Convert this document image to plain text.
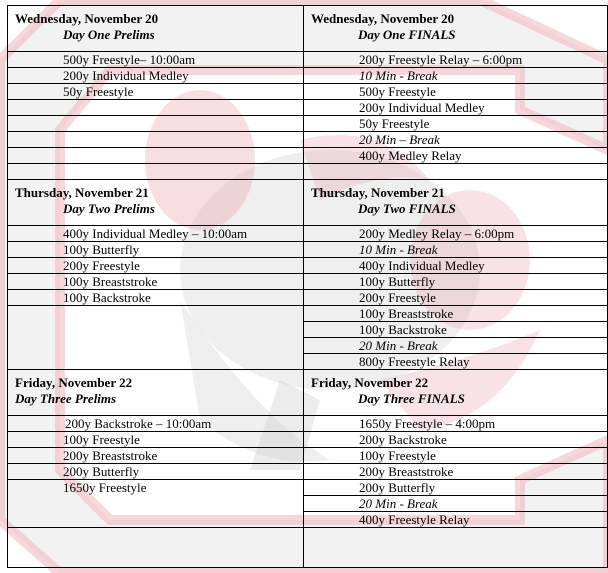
Wednesday, November 20
Day One Prelims
500y Freestyle– 10:00am
200y Individual Medley
50y Freestyle
Thursday, November 21
Day Two Prelims
400y Individual Medley – 10:00am
100y Butterfly
200y Freestyle
100y Breaststroke
100y Backstroke
Friday, November 22
Day Three Prelims
200y Backstroke – 10:00am
100y Freestyle
200y Breaststroke
200y Butterfly
1650y Freestyle
Wednesday, November 20
Day One FINALS
200y Freestyle Relay – 6:00pm
10 Min - Break
500y Freestyle
200y Individual Medley
50y Freestyle
20 Min – Break
400y Medley Relay
Thursday, November 21
Day Two FINALS
200y Medley Relay – 6:00pm
10 Min - Break
400y Individual Medley
100y Butterfly
200y Freestyle
100y Breaststroke
100y Backstroke
20 Min - Break
800y Freestyle Relay
Friday, November 22
Day Three FINALS
1650y Freestyle – 4:00pm
200y Backstroke
100y Freestyle
200y Breaststroke
200y Butterfly
20 Min - Break
400y Freestyle Relay
